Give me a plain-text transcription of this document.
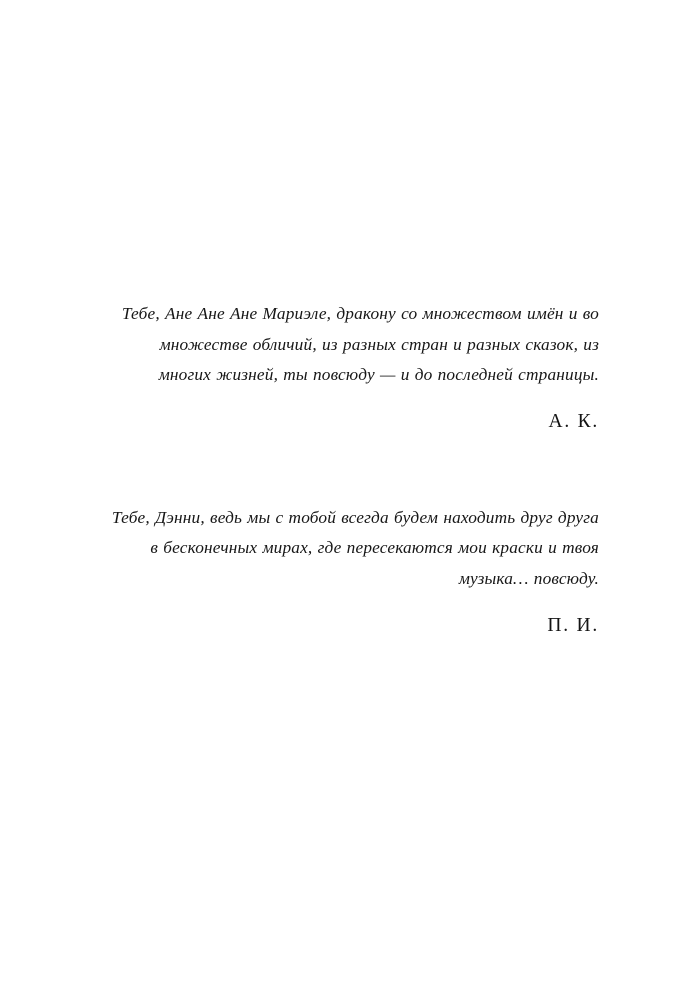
Тебе, Ане Ане Ане Мариэле, дракону со множеством имён и во множестве обличий, из разных стран и разных сказок, из многих жизней, ты повсюду — и до последней страницы.

А. К.

Тебе, Дэнни, ведь мы с тобой всегда будем находить друг друга в бесконечных мирах, где пересекаются мои краски и твоя музыка… повсюду.

П. И.
